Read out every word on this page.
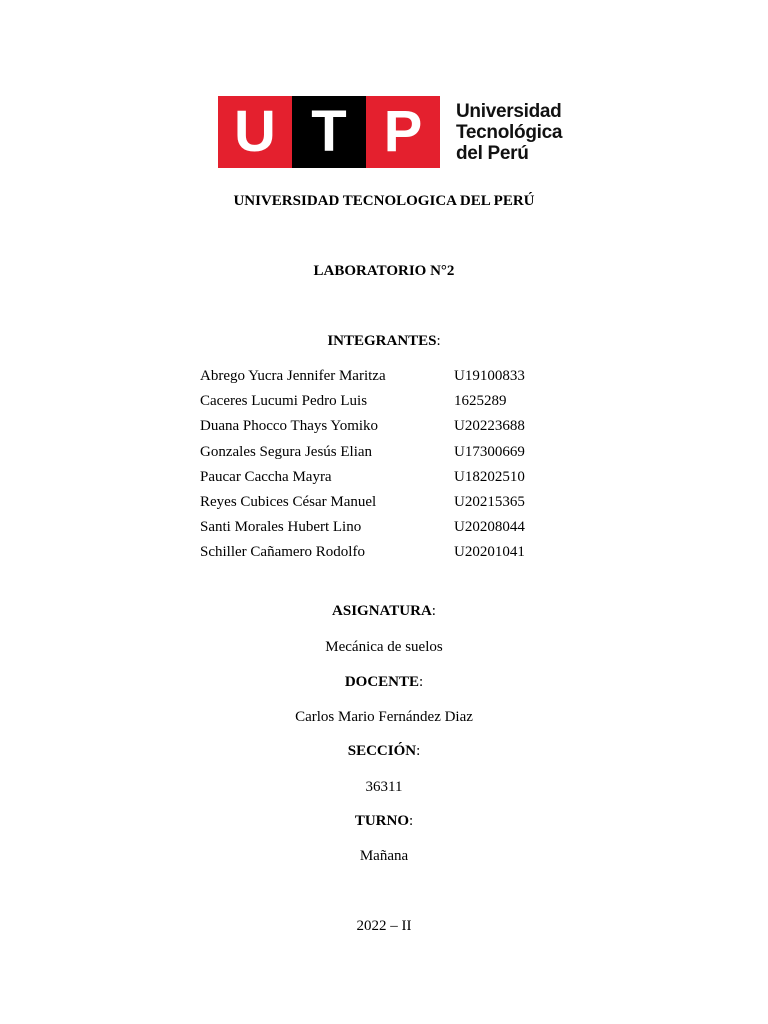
U T P	Universidad
Tecnológica
del Perú
UNIVERSIDAD TECNOLOGICA DEL PERÚ
LABORATORIO N°2
INTEGRANTES:
Abrego Yucra Jennifer Maritza	U19100833
Caceres Lucumi Pedro Luis	1625289
Duana Phocco Thays Yomiko	U20223688
Gonzales Segura Jesús Elian	U17300669
Paucar Caccha Mayra	U18202510
Reyes Cubices César Manuel	U20215365
Santi Morales Hubert Lino	U20208044
Schiller Cañamero Rodolfo	U20201041
ASIGNATURA:
Mecánica de suelos
DOCENTE:
Carlos Mario Fernández Diaz
SECCIÓN:
36311
TURNO:
Mañana
2022 – II
